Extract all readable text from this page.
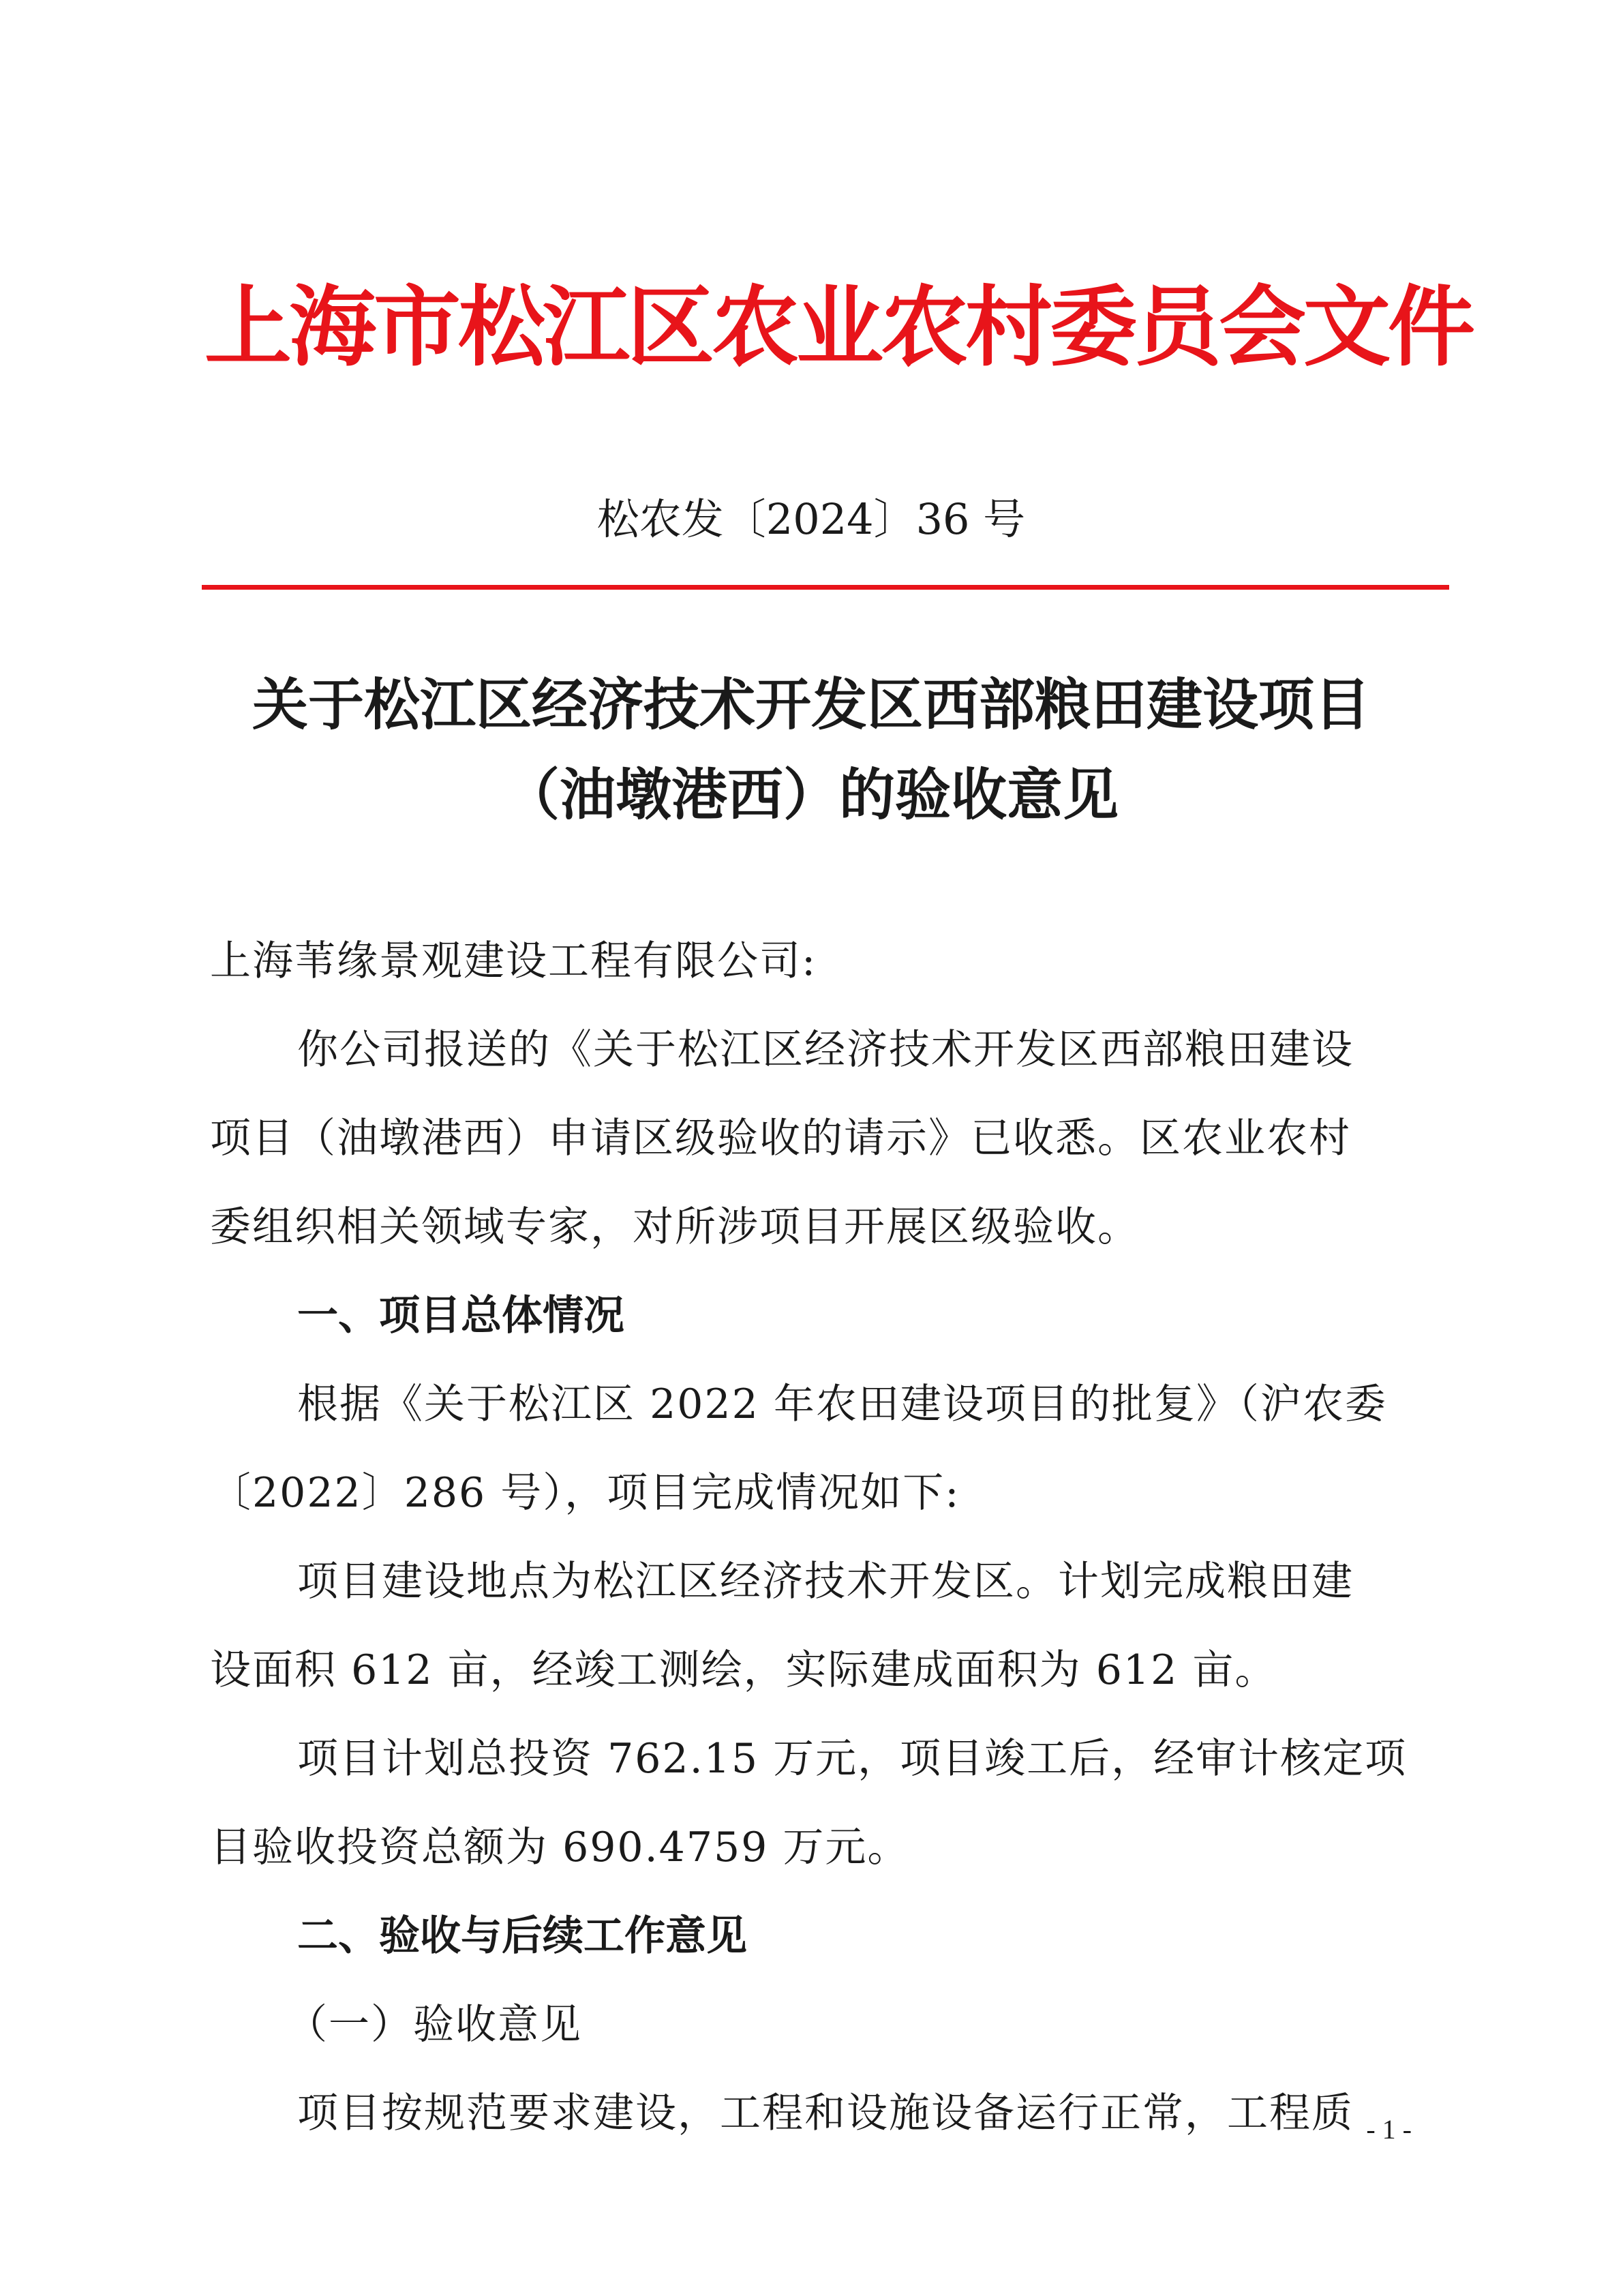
上海市松江区农业农村委员会文件
松农发〔2024〕36 号
关于松江区经济技术开发区西部粮田建设项目
（油墩港西）的验收意见

上海苇缘景观建设工程有限公司:

你公司报送的《关于松江区经济技术开发区西部粮田建设

项目（油墩港西）申请区级验收的请示》已收悉。区农业农村

委组织相关领域专家，对所涉项目开展区级验收。

一、项目总体情况

根据《关于松江区 2022 年农田建设项目的批复》（沪农委

〔2022〕286 号），项目完成情况如下:

项目建设地点为松江区经济技术开发区。计划完成粮田建

设面积 612 亩，经竣工测绘，实际建成面积为 612 亩。

项目计划总投资 762.15 万元，项目竣工后，经审计核定项

目验收投资总额为 690.4759 万元。

二、验收与后续工作意见

（一）验收意见

项目按规范要求建设，工程和设施设备运行正常，工程质 - 1 -
